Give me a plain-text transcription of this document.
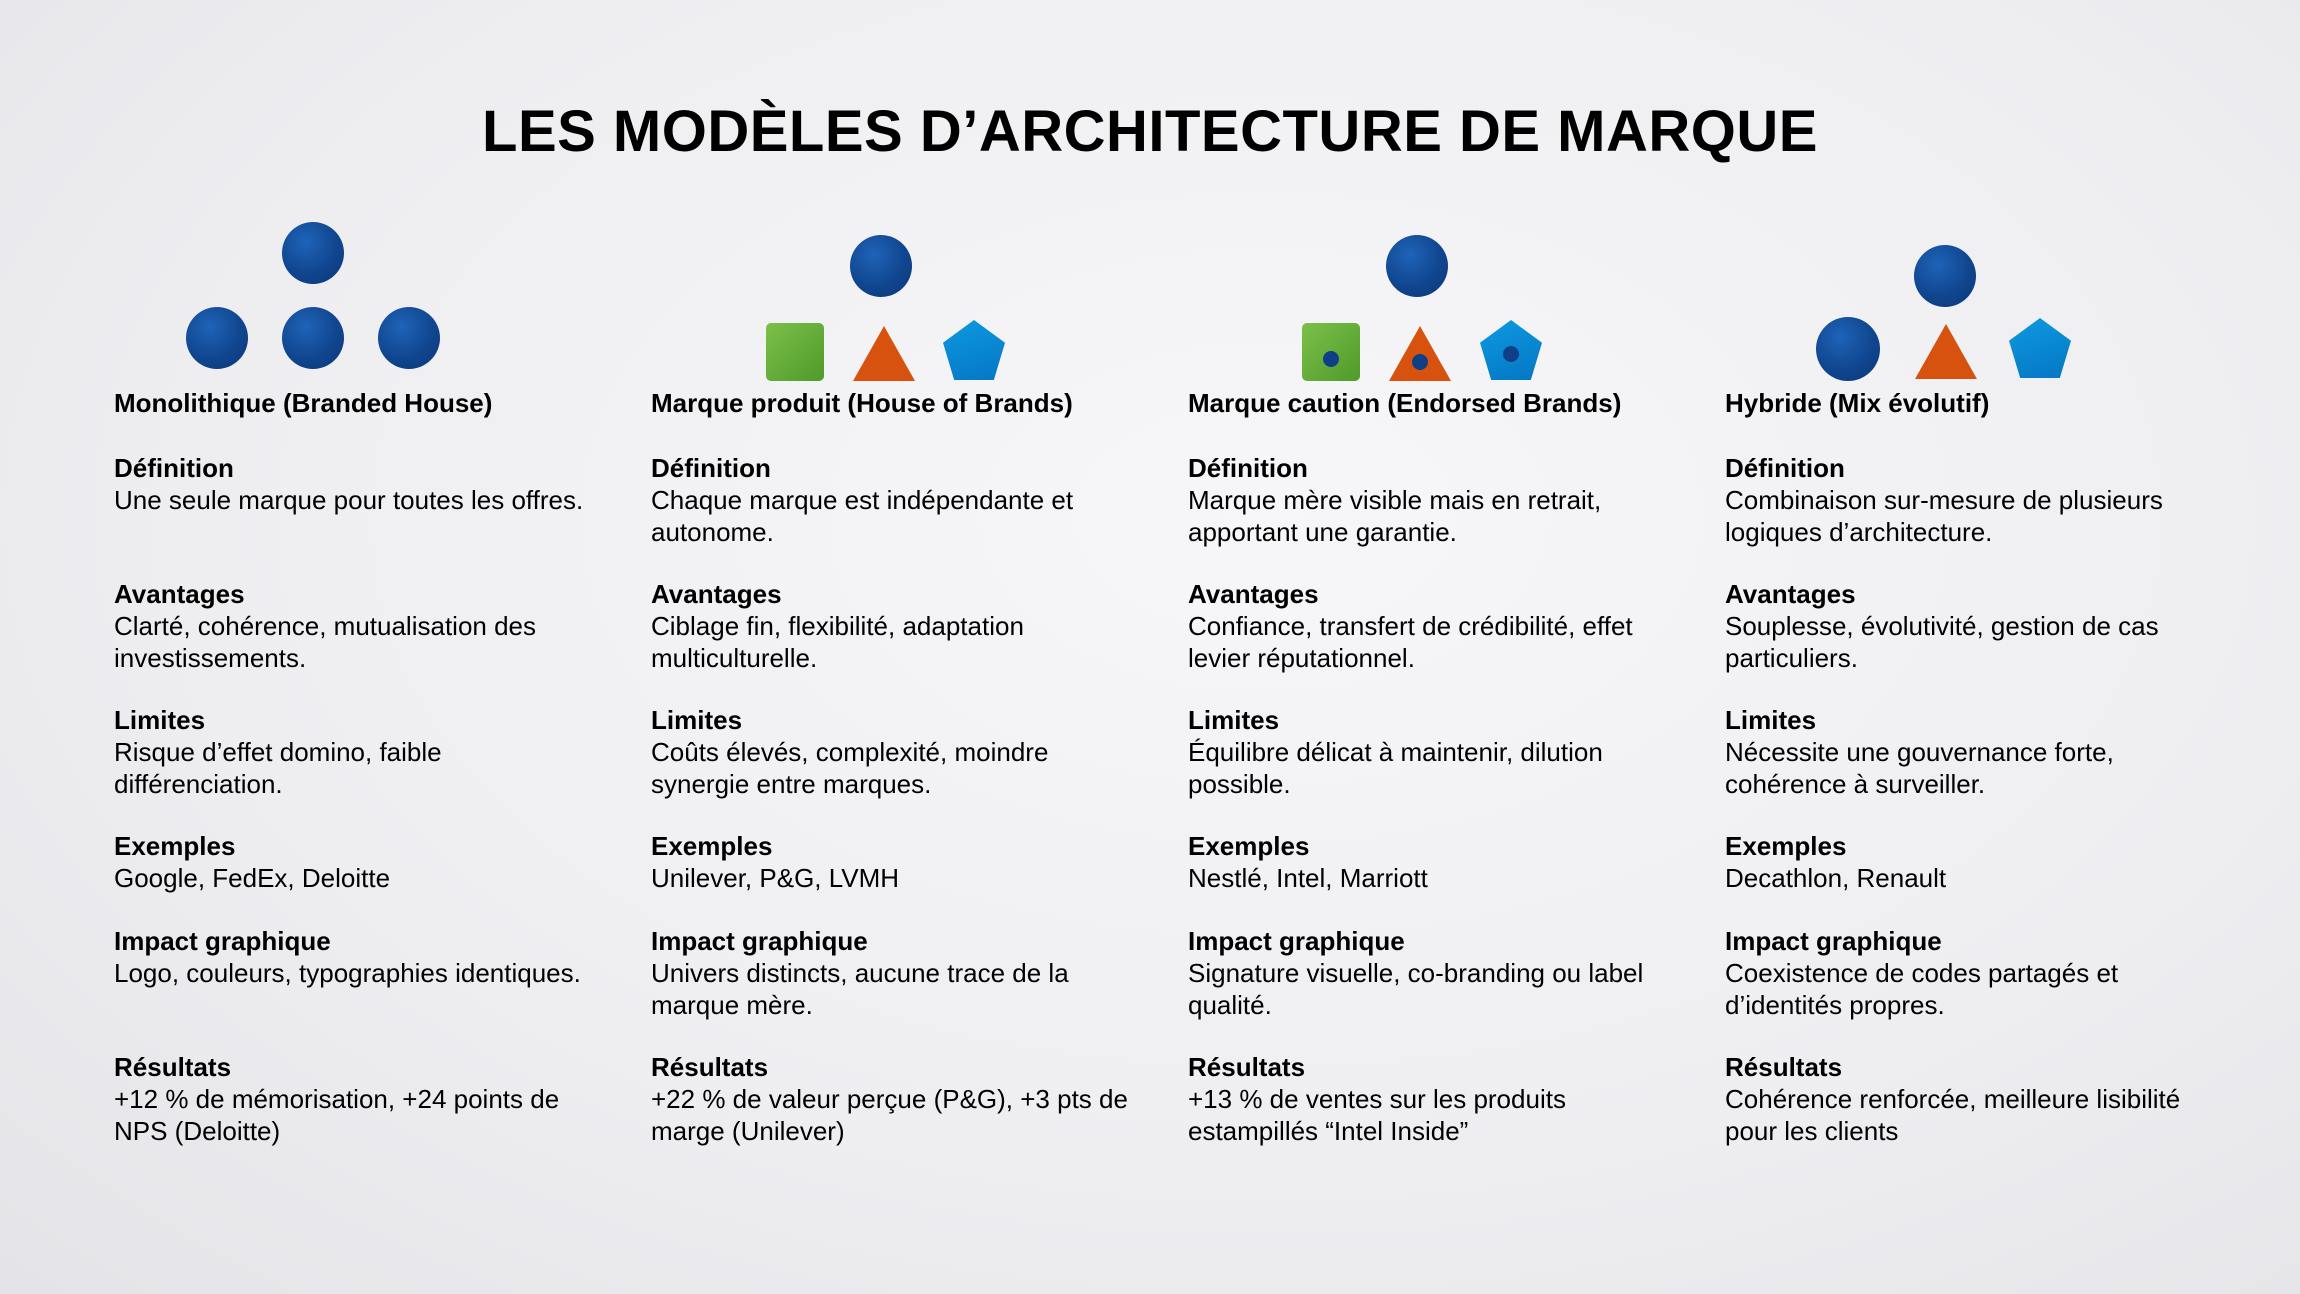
LES MODÈLES D’ARCHITECTURE DE MARQUE

Monolithique (Branded House)

Définition
Une seule marque pour toutes les offres.
Avantages
Clarté, cohérence, mutualisation des investissements.
Limites
Risque d’effet domino, faible différenciation.
Exemples
Google, FedEx, Deloitte
Impact graphique
Logo, couleurs, typographies identiques.
Résultats
+12 % de mémorisation, +24 points de NPS (Deloitte)

Marque produit (House of Brands)

Définition
Chaque marque est indépendante et autonome.
Avantages
Ciblage fin, flexibilité, adaptation multiculturelle.
Limites
Coûts élevés, complexité, moindre synergie entre marques.
Exemples
Unilever, P&G, LVMH
Impact graphique
Univers distincts, aucune trace de la marque mère.
Résultats
+22 % de valeur perçue (P&G), +3 pts de marge (Unilever)

Marque caution (Endorsed Brands)

Définition
Marque mère visible mais en retrait, apportant une garantie.
Avantages
Confiance, transfert de crédibilité, effet levier réputationnel.
Limites
Équilibre délicat à maintenir, dilution possible.
Exemples
Nestlé, Intel, Marriott
Impact graphique
Signature visuelle, co-branding ou label qualité.
Résultats
+13 % de ventes sur les produits estampillés “Intel Inside”

Hybride (Mix évolutif)

Définition
Combinaison sur-mesure de plusieurs logiques d’architecture.
Avantages
Souplesse, évolutivité, gestion de cas particuliers.
Limites
Nécessite une gouvernance forte, cohérence à surveiller.
Exemples
Decathlon, Renault
Impact graphique
Coexistence de codes partagés et d’identités propres.
Résultats
Cohérence renforcée, meilleure lisibilité pour les clients
